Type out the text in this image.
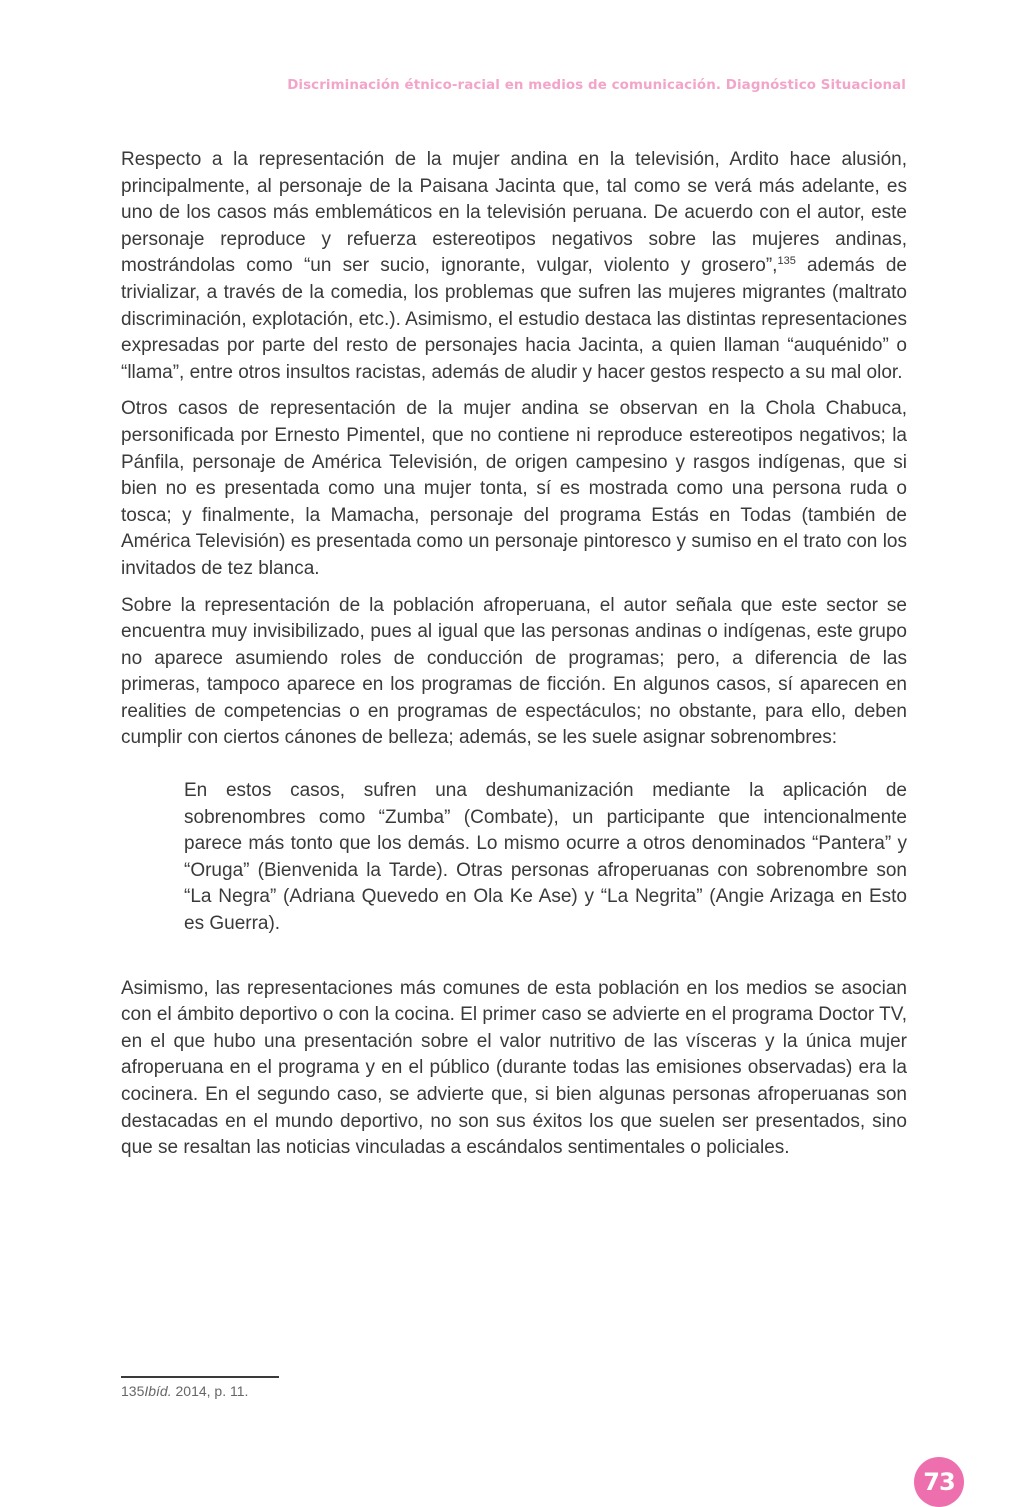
Discriminación étnico-racial en medios de comunicación. Diagnóstico Situacional

Respecto a la representación de la mujer andina en la televisión, Ardito hace alusión, principalmente, al personaje de la Paisana Jacinta que, tal como se verá más adelante, es uno de los casos más emblemáticos en la televisión peruana. De acuerdo con el autor, este personaje reproduce y refuerza estereotipos negativos sobre las mujeres andinas, mostrándolas como “un ser sucio, ignorante, vulgar, violento y grosero”,$^{135}$ además de trivializar, a través de la comedia, los problemas que sufren las mujeres migrantes (maltrato discriminación, explotación, etc.). Asimismo, el estudio destaca las distintas representaciones expresadas por parte del resto de personajes hacia Jacinta, a quien llaman “auquénido” o “llama”, entre otros insultos racistas, además de aludir y hacer gestos respecto a su mal olor.

Otros casos de representación de la mujer andina se observan en la Chola Chabuca, personificada por Ernesto Pimentel, que no contiene ni reproduce estereotipos negativos; la Pánfila, personaje de América Televisión, de origen campesino y rasgos indígenas, que si bien no es presentada como una mujer tonta, sí es mostrada como una persona ruda o tosca; y finalmente, la Mamacha, personaje del programa Estás en Todas (también de América Televisión) es presentada como un personaje pintoresco y sumiso en el trato con los invitados de tez blanca.

Sobre la representación de la población afroperuana, el autor señala que este sector se encuentra muy invisibilizado, pues al igual que las personas andinas o indígenas, este grupo no aparece asumiendo roles de conducción de programas; pero, a diferencia de las primeras, tampoco aparece en los programas de ficción. En algunos casos, sí aparecen en realities de competencias o en programas de espectáculos; no obstante, para ello, deben cumplir con ciertos cánones de belleza; además, se les suele asignar sobrenombres:

En estos casos, sufren una deshumanización mediante la aplicación de sobrenombres como “Zumba” (Combate), un participante que intencionalmente parece más tonto que los demás. Lo mismo ocurre a otros denominados “Pantera” y “Oruga” (Bienvenida la Tarde). Otras personas afroperuanas con sobrenombre son “La Negra” (Adriana Quevedo en Ola Ke Ase) y “La Negrita” (Angie Arizaga en Esto es Guerra).

Asimismo, las representaciones más comunes de esta población en los medios se asocian con el ámbito deportivo o con la cocina. El primer caso se advierte en el programa Doctor TV, en el que hubo una presentación sobre el valor nutritivo de las vísceras y la única mujer afroperuana en el programa y en el público (durante todas las emisiones observadas) era la cocinera. En el segundo caso, se advierte que, si bien algunas personas afroperuanas son destacadas en el mundo deportivo, no son sus éxitos los que suelen ser presentados, sino que se resaltan las noticias vinculadas a escándalos sentimentales o policiales.

135Ibíd. 2014, p. 11.
73
